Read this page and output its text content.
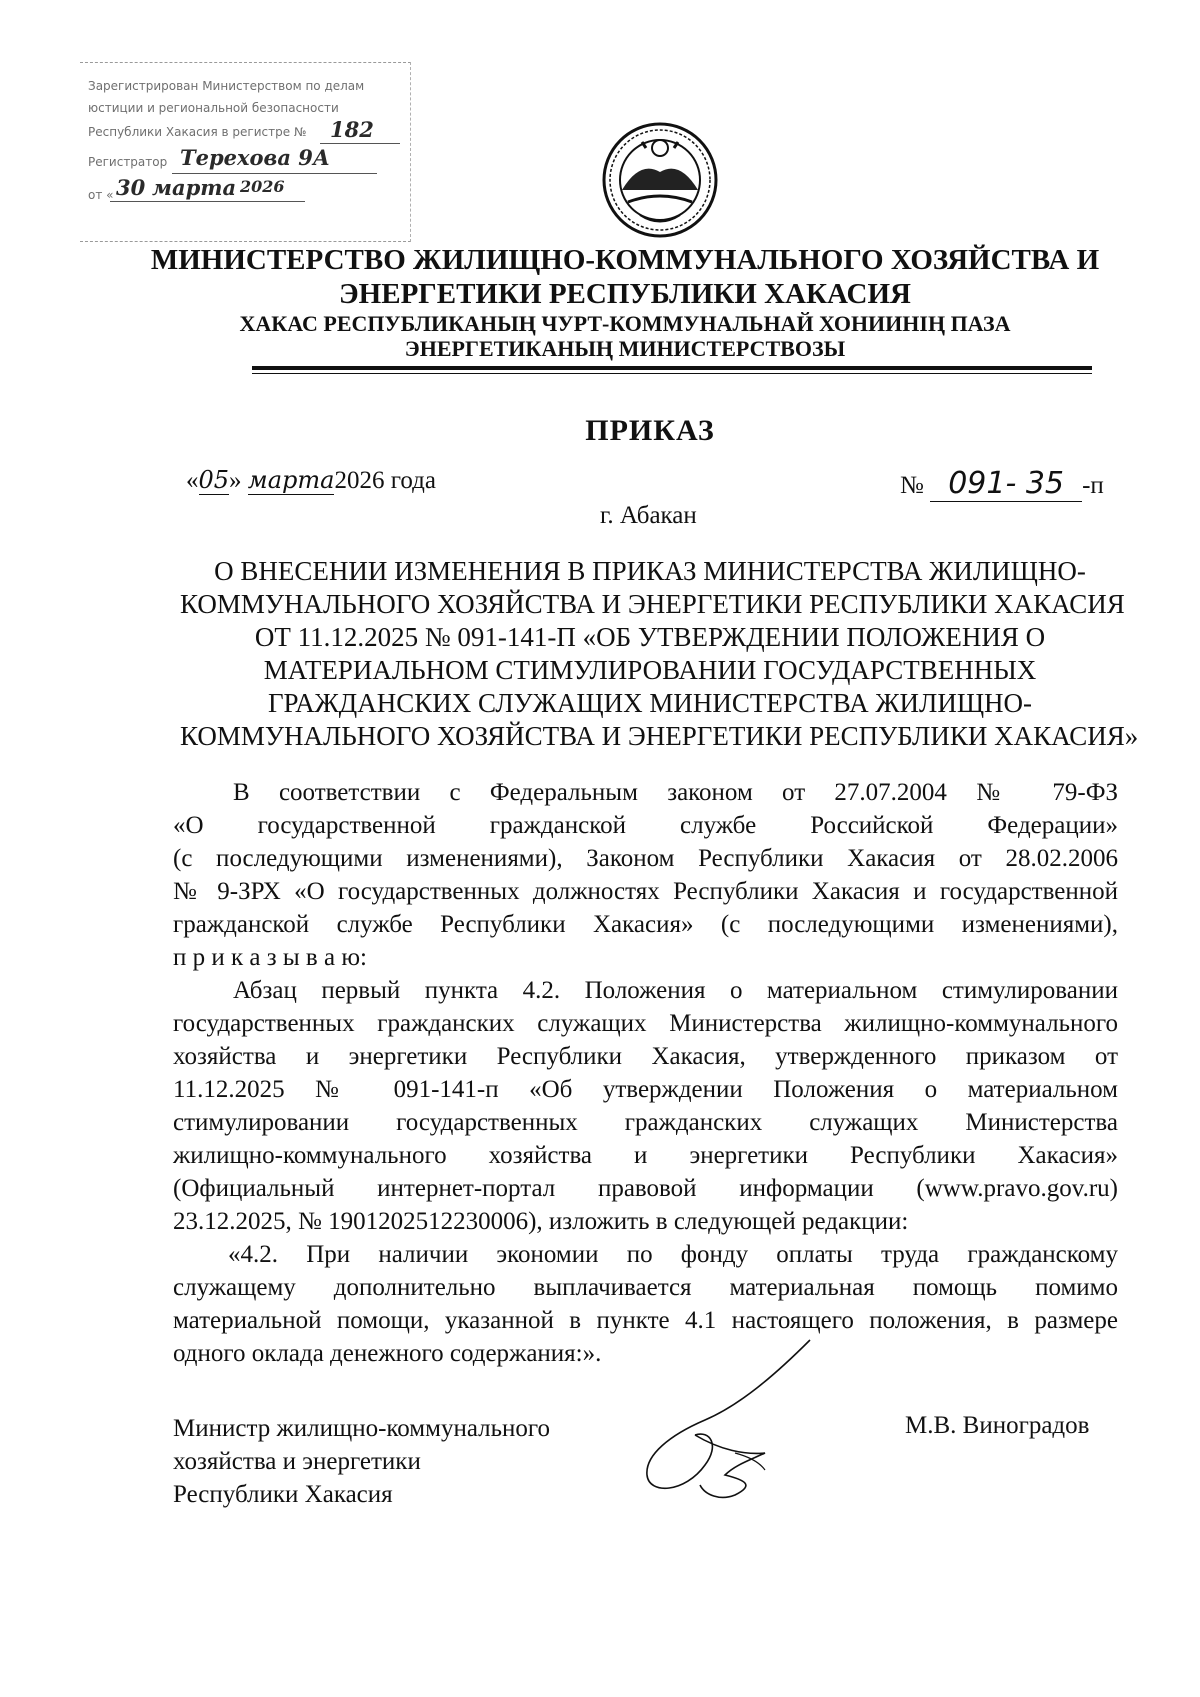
Зарегистрирован Министерством по делам
юстиции и региональной безопасности
Республики Хакасия в регистре № 182
Регистратор Терехова 9А
от « 30 марта 2026
МИНИСТЕРСТВО ЖИЛИЩНО-КОММУНАЛЬНОГО ХОЗЯЙСТВА И
ЭНЕРГЕТИКИ РЕСПУБЛИКИ ХАКАСИЯ
ХАКАС РЕСПУБЛИКАНЫҢ ЧУРТ-КОММУНАЛЬНАЙ ХОНИИНIҢ ПАЗА
ЭНЕРГЕТИКАНЫҢ МИНИСТЕРСТВОЗЫ
ПРИКАЗ
«05» марта2026 года	№ 091- 35 -п
г. Абакан
О ВНЕСЕНИИ ИЗМЕНЕНИЯ В ПРИКАЗ МИНИСТЕРСТВА ЖИЛИЩНО-
КОММУНАЛЬНОГО ХОЗЯЙСТВА И ЭНЕРГЕТИКИ РЕСПУБЛИКИ ХАКАСИЯ
ОТ 11.12.2025 № 091-141-П «ОБ УТВЕРЖДЕНИИ ПОЛОЖЕНИЯ О
МАТЕРИАЛЬНОМ СТИМУЛИРОВАНИИ ГОСУДАРСТВЕННЫХ
ГРАЖДАНСКИХ СЛУЖАЩИХ МИНИСТЕРСТВА ЖИЛИЩНО-
КОММУНАЛЬНОГО ХОЗЯЙСТВА И ЭНЕРГЕТИКИ РЕСПУБЛИКИ ХАКАСИЯ»
В соответствии с Федеральным законом от 27.07.2004 № 79-ФЗ
«О государственной гражданской службе Российской Федерации»
(с последующими изменениями), Законом Республики Хакасия от 28.02.2006
№ 9-ЗРХ «О государственных должностях Республики Хакасия и государственной
гражданской службе Республики Хакасия» (с последующими изменениями),
п р и к а з ы в а ю:
Абзац первый пункта 4.2. Положения о материальном стимулировании
государственных гражданских служащих Министерства жилищно-коммунального
хозяйства и энергетики Республики Хакасия, утвержденного приказом от
11.12.2025 № 091-141-п «Об утверждении Положения о материальном
стимулировании государственных гражданских служащих Министерства
жилищно-коммунального хозяйства и энергетики Республики Хакасия»
(Официальный интернет-портал правовой информации (www.pravo.gov.ru)
23.12.2025, № 1901202512230006), изложить в следующей редакции:
«4.2. При наличии экономии по фонду оплаты труда гражданскому
служащему дополнительно выплачивается материальная помощь помимо
материальной помощи, указанной в пункте 4.1 настоящего положения, в размере
одного оклада денежного содержания:».
Министр жилищно-коммунального
хозяйства и энергетики
Республики Хакасия
М.В. Виноградов
